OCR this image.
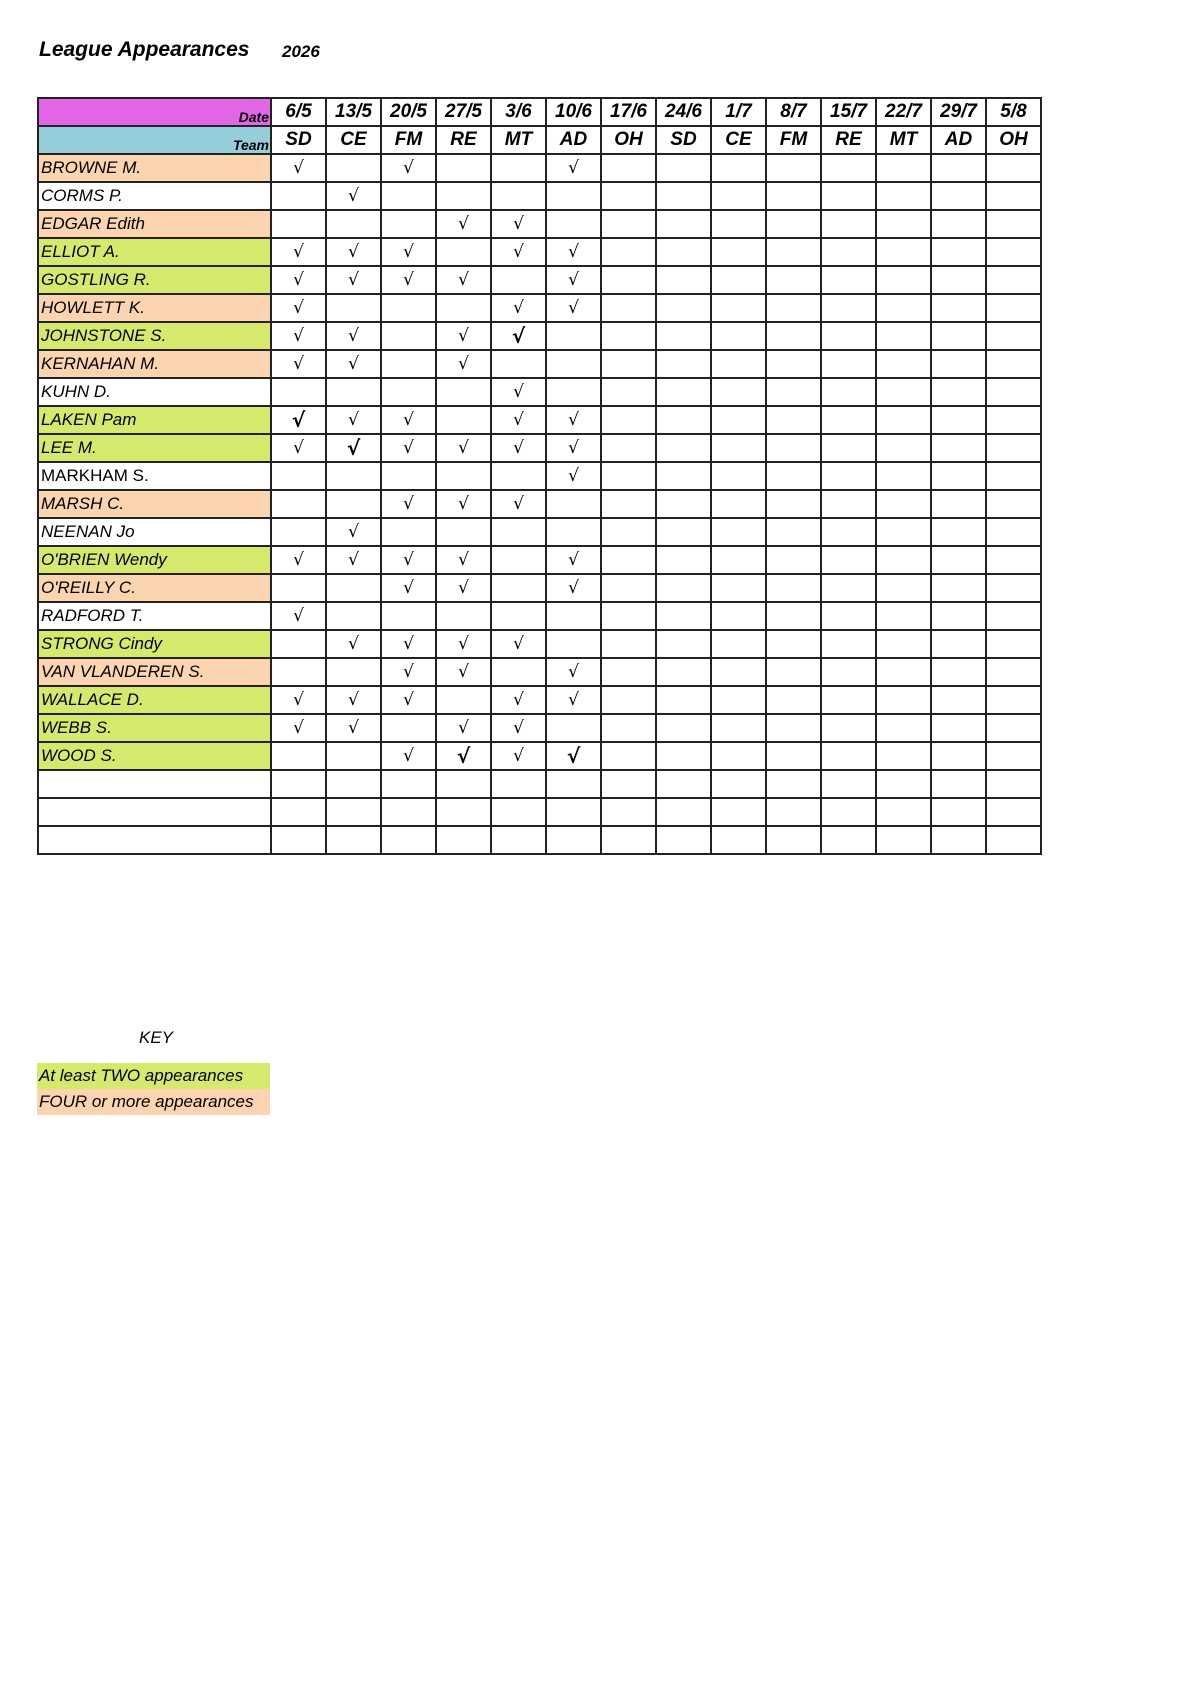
League Appearances 2026
Date	6/5	13/5	20/5	27/5	3/6	10/6	17/6	24/6	1/7	8/7	15/7	22/7	29/7	5/8
Team	SD	CE	FM	RE	MT	AD	OH	SD	CE	FM	RE	MT	AD	OH
BROWNE M.	√		√			√								
CORMS P.		√												
EDGAR Edith				√	√									
ELLIOT A.	√	√	√		√	√								
GOSTLING R.	√	√	√	√		√								
HOWLETT K.	√				√	√								
JOHNSTONE S.	√	√		√	√									
KERNAHAN M.	√	√		√										
KUHN D.					√									
LAKEN Pam	√	√	√		√	√								
LEE M.	√	√	√	√	√	√								
MARKHAM S.						√								
MARSH C.			√	√	√									
NEENAN Jo		√												
O'BRIEN Wendy	√	√	√	√		√								
O'REILLY C.			√	√		√								
RADFORD T.	√													
STRONG Cindy		√	√	√	√									
VAN VLANDEREN S.			√	√		√								
WALLACE D.	√	√	√		√	√								
WEBB S.	√	√		√	√									
WOOD S.			√	√	√	√								

KEY
At least TWO appearances
FOUR or more appearances
